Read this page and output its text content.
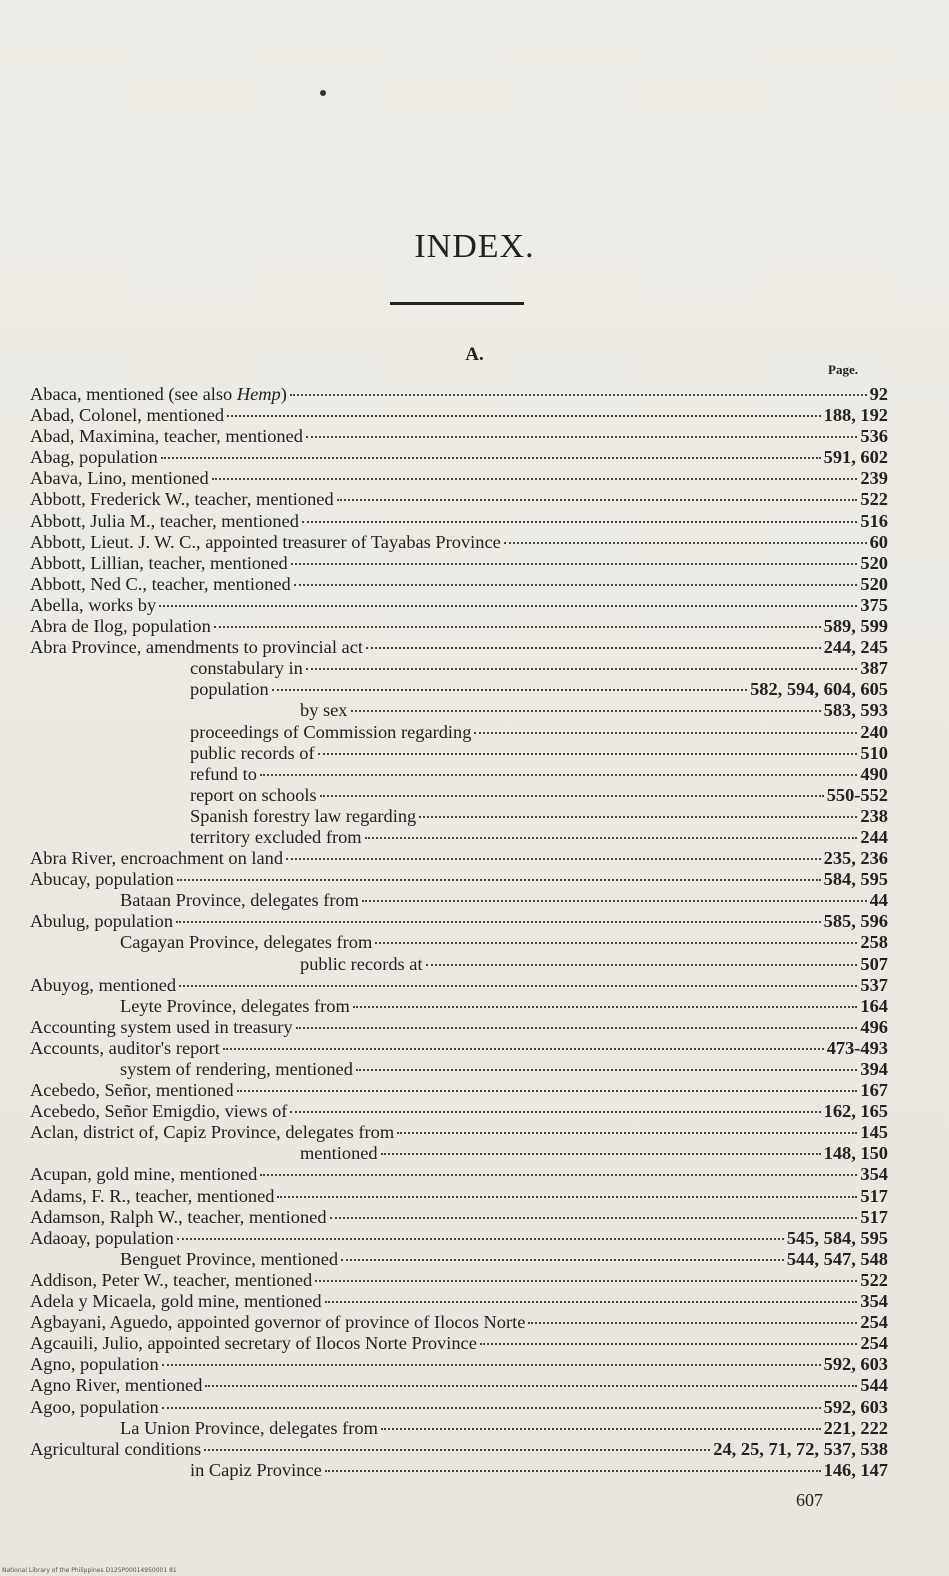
INDEX.
A.
Page.
Abaca, mentioned (see also Hemp)	92
Abad, Colonel, mentioned	188, 192
Abad, Maximina, teacher, mentioned	536
Abag, population	591, 602
Abava, Lino, mentioned	239
Abbott, Frederick W., teacher, mentioned	522
Abbott, Julia M., teacher, mentioned	516
Abbott, Lieut. J. W. C., appointed treasurer of Tayabas Province	60
Abbott, Lillian, teacher, mentioned	520
Abbott, Ned C., teacher, mentioned	520
Abella, works by	375
Abra de Ilog, population	589, 599
Abra Province, amendments to provincial act	244, 245
constabulary in	387
population	582, 594, 604, 605
by sex	583, 593
proceedings of Commission regarding	240
public records of	510
refund to	490
report on schools	550-552
Spanish forestry law regarding	238
territory excluded from	244
Abra River, encroachment on land	235, 236
Abucay, population	584, 595
Bataan Province, delegates from	44
Abulug, population	585, 596
Cagayan Province, delegates from	258
public records at	507
Abuyog, mentioned	537
Leyte Province, delegates from	164
Accounting system used in treasury	496
Accounts, auditor's report	473-493
system of rendering, mentioned	394
Acebedo, Señor, mentioned	167
Acebedo, Señor Emigdio, views of	162, 165
Aclan, district of, Capiz Province, delegates from	145
mentioned	148, 150
Acupan, gold mine, mentioned	354
Adams, F. R., teacher, mentioned	517
Adamson, Ralph W., teacher, mentioned	517
Adaoay, population	545, 584, 595
Benguet Province, mentioned	544, 547, 548
Addison, Peter W., teacher, mentioned	522
Adela y Micaela, gold mine, mentioned	354
Agbayani, Aguedo, appointed governor of province of Ilocos Norte	254
Agcauili, Julio, appointed secretary of Ilocos Norte Province	254
Agno, population	592, 603
Agno River, mentioned	544
Agoo, population	592, 603
La Union Province, delegates from	221, 222
Agricultural conditions	24, 25, 71, 72, 537, 538
in Capiz Province	146, 147
National Library of the Philippines D125P00014950001 81
607
